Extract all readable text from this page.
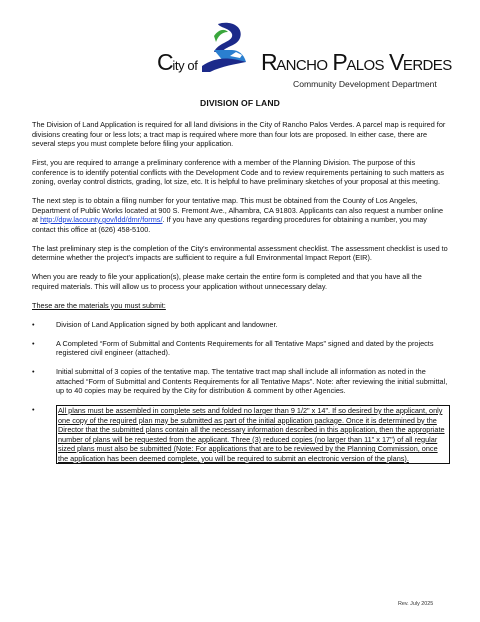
City of	RANCHO PALOS VERDES
Community Development Department
DIVISION OF LAND

The Division of Land Application is required for all land divisions in the City of Rancho Palos Verdes. A parcel map is required for divisions creating four or less lots; a tract map is required where more than four lots are proposed. In either case, there are several steps you must complete before filing your application.

First, you are required to arrange a preliminary conference with a member of the Planning Division. The purpose of this conference is to identify potential conflicts with the Development Code and to review requirements pertaining to such matters as zoning, overlay control districts, grading, lot size, etc. It is helpful to have preliminary sketches of your proposal at this meeting.

The next step is to obtain a filing number for your tentative map. This must be obtained from the County of Los Angeles, Department of Public Works located at 900 S. Fremont Ave., Alhambra, CA 91803. Applicants can also request a number online at http://dpw.lacounty.gov/ldd/dmr/forms/. If you have any questions regarding procedures for obtaining a number, you may contact this office at (626) 458-5100.

The last preliminary step is the completion of the City's environmental assessment checklist. The assessment checklist is used to determine whether the project's impacts are sufficient to require a full Environmental Impact Report (EIR).

When you are ready to file your application(s), please make certain the entire form is completed and that you have all the required materials. This will allow us to process your application without unnecessary delay.

These are the materials you must submit:

•	Division of Land Application signed by both applicant and landowner.
•	A Completed “Form of Submittal and Contents Requirements for all Tentative Maps” signed and dated by the projects registered civil engineer (attached).
•	Initial submittal of 3 copies of the tentative map. The tentative tract map shall include all information as noted in the attached “Form of Submittal and Contents Requirements for all Tentative Maps”. Note: after reviewing the initial submittal, up to 40 copies may be required by the City for distribution & comment by other Agencies.
•	All plans must be assembled in complete sets and folded no larger than 9 1/2" x 14". If so desired by the applicant, only one copy of the required plan may be submitted as part of the initial application package. Once it is determined by the Director that the submitted plans contain all the necessary information described in this application, then the appropriate number of plans will be requested from the applicant. Three (3) reduced copies (no larger than 11" x 17") of all regular sized plans must also be submitted (Note: For applications that are to be reviewed by the Planning Commission, once the application has been deemed complete, you will be required to submit an electronic version of the plans).
Rev. July 2025
